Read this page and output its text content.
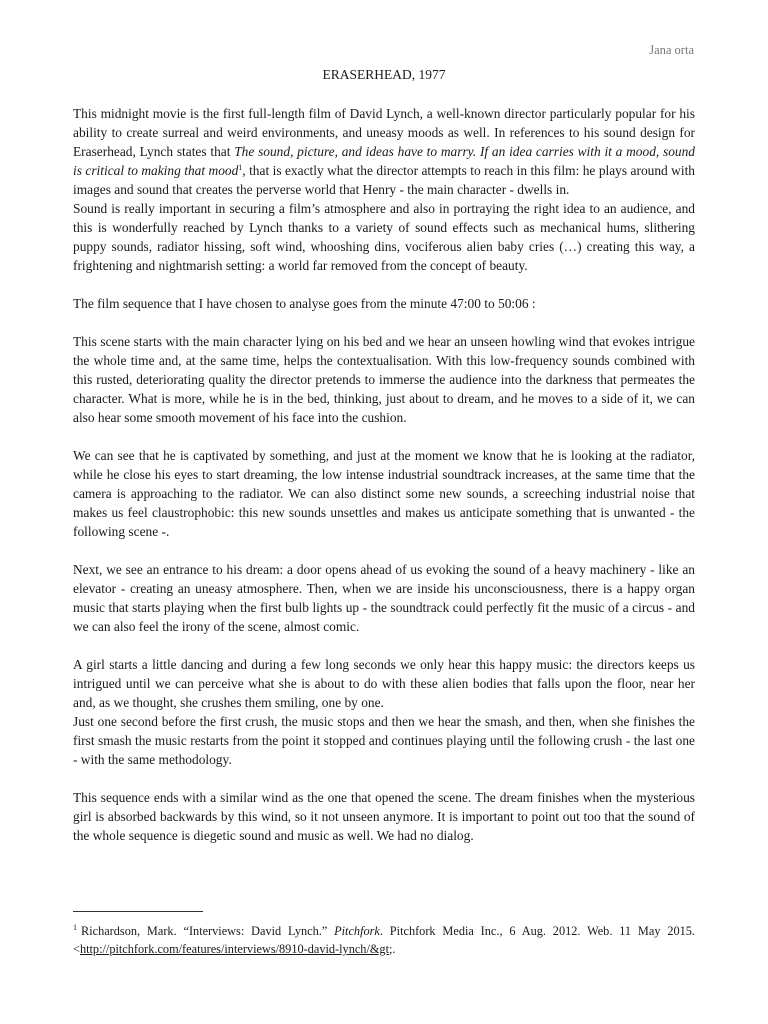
Jana orta
ERASERHEAD, 1977

This midnight movie is the first full-length film of David Lynch, a well-known director particularly popular for his ability to create surreal and weird environments, and uneasy moods as well. In references to his sound design for Eraserhead, Lynch states that The sound, picture, and ideas have to marry. If an idea carries with it a mood, sound is critical to making that mood$^1$, that is exactly what the director attempts to reach in this film: he plays around with images and sound that creates the perverse world that Henry - the main character - dwells in.

Sound is really important in securing a film’s atmosphere and also in portraying the right idea to an audience, and this is wonderfully reached by Lynch thanks to a variety of sound effects such as mechanical hums, slithering puppy sounds, radiator hissing, soft wind, whooshing dins, vociferous alien baby cries (…) creating this way, a frightening and nightmarish setting: a world far removed from the concept of beauty.

The film sequence that I have chosen to analyse goes from the minute 47:00 to 50:06 :

This scene starts with the main character lying on his bed and we hear an unseen howling wind that evokes intrigue the whole time and, at the same time, helps the contextualisation. With this low-frequency sounds combined with this rusted, deteriorating quality the director pretends to immerse the audience into the darkness that permeates the character. What is more, while he is in the bed, thinking, just about to dream, and he moves to a side of it, we can also hear some smooth movement of his face into the cushion.

We can see that he is captivated by something, and just at the moment we know that he is looking at the radiator, while he close his eyes to start dreaming, the low intense industrial soundtrack increases, at the same time that the camera is approaching to the radiator. We can also distinct some new sounds, a screeching industrial noise that makes us feel claustrophobic: this new sounds unsettles and makes us anticipate something that is unwanted - the following scene -.

Next, we see an entrance to his dream: a door opens ahead of us evoking the sound of a heavy machinery - like an elevator - creating an uneasy atmosphere. Then, when we are inside his unconsciousness, there is a happy organ music that starts playing when the first bulb lights up - the soundtrack could perfectly fit the music of a circus - and we can also feel the irony of the scene, almost comic.

A girl starts a little dancing and during a few long seconds we only hear this happy music: the directors keeps us intrigued until we can perceive what she is about to do with these alien bodies that falls upon the floor, near her and, as we thought, she crushes them smiling, one by one.

Just one second before the first crush, the music stops and then we hear the smash, and then, when she finishes the first smash the music restarts from the point it stopped and continues playing until the following crush - the last one - with the same methodology.

This sequence ends with a similar wind as the one that opened the scene. The dream finishes when the mysterious girl is absorbed backwards by this wind, so it not unseen anymore. It is important to point out too that the sound of the whole sequence is diegetic sound and music as well. We had no dialog.

$^1$ Richardson, Mark. “Interviews: David Lynch.” Pitchfork. Pitchfork Media Inc., 6 Aug. 2012. Web. 11 May 2015. <http://pitchfork.com/features/interviews/8910-david-lynch/&gt;.
